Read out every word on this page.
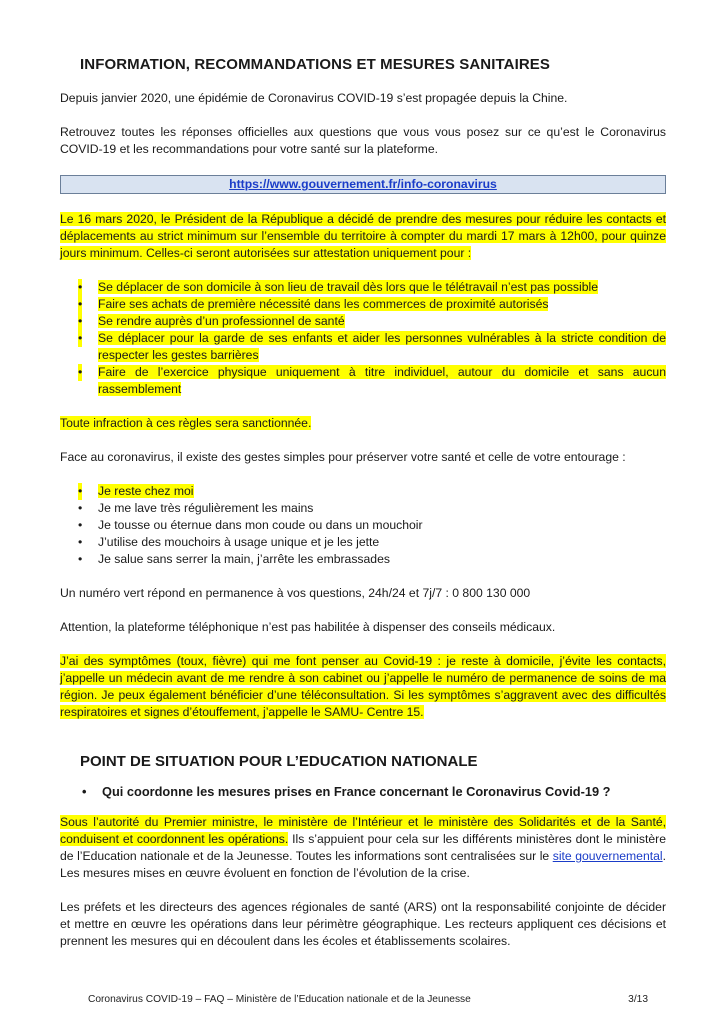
INFORMATION, RECOMMANDATIONS ET MESURES SANITAIRES

Depuis janvier 2020, une épidémie de Coronavirus COVID-19 s’est propagée depuis la Chine.

Retrouvez toutes les réponses officielles aux questions que vous vous posez sur ce qu’est le Coronavirus COVID-19 et les recommandations pour votre santé sur la plateforme.

https://www.gouvernement.fr/info-coronavirus

Le 16 mars 2020, le Président de la République a décidé de prendre des mesures pour réduire les contacts et déplacements au strict minimum sur l’ensemble du territoire à compter du mardi 17 mars à 12h00, pour quinze jours minimum. Celles-ci seront autorisées sur attestation uniquement pour :

• Se déplacer de son domicile à son lieu de travail dès lors que le télétravail n’est pas possible
• Faire ses achats de première nécessité dans les commerces de proximité autorisés
• Se rendre auprès d’un professionnel de santé
• Se déplacer pour la garde de ses enfants et aider les personnes vulnérables à la stricte condition de respecter les gestes barrières
• Faire de l’exercice physique uniquement à titre individuel, autour du domicile et sans aucun rassemblement

Toute infraction à ces règles sera sanctionnée.

Face au coronavirus, il existe des gestes simples pour préserver votre santé et celle de votre entourage :

• Je reste chez moi
• Je me lave très régulièrement les mains
• Je tousse ou éternue dans mon coude ou dans un mouchoir
• J’utilise des mouchoirs à usage unique et je les jette
• Je salue sans serrer la main, j’arrête les embrassades

Un numéro vert répond en permanence à vos questions, 24h/24 et 7j/7 : 0 800 130 000

Attention, la plateforme téléphonique n’est pas habilitée à dispenser des conseils médicaux.

J’ai des symptômes (toux, fièvre) qui me font penser au Covid-19 : je reste à domicile, j’évite les contacts, j’appelle un médecin avant de me rendre à son cabinet ou j’appelle le numéro de permanence de soins de ma région. Je peux également bénéficier d’une téléconsultation. Si les symptômes s’aggravent avec des difficultés respiratoires et signes d’étouffement, j’appelle le SAMU- Centre 15.

POINT DE SITUATION POUR L’EDUCATION NATIONALE
• Qui coordonne les mesures prises en France concernant le Coronavirus Covid-19 ?

Sous l’autorité du Premier ministre, le ministère de l’Intérieur et le ministère des Solidarités et de la Santé, conduisent et coordonnent les opérations. Ils s’appuient pour cela sur les différents ministères dont le ministère de l’Education nationale et de la Jeunesse. Toutes les informations sont centralisées sur le site gouvernemental. Les mesures mises en œuvre évoluent en fonction de l’évolution de la crise.

Les préfets et les directeurs des agences régionales de santé (ARS) ont la responsabilité conjointe de décider et mettre en œuvre les opérations dans leur périmètre géographique. Les recteurs appliquent ces décisions et prennent les mesures qui en découlent dans les écoles et établissements scolaires.

Coronavirus COVID-19 – FAQ – Ministère de l’Education nationale et de la Jeunesse	3/13
